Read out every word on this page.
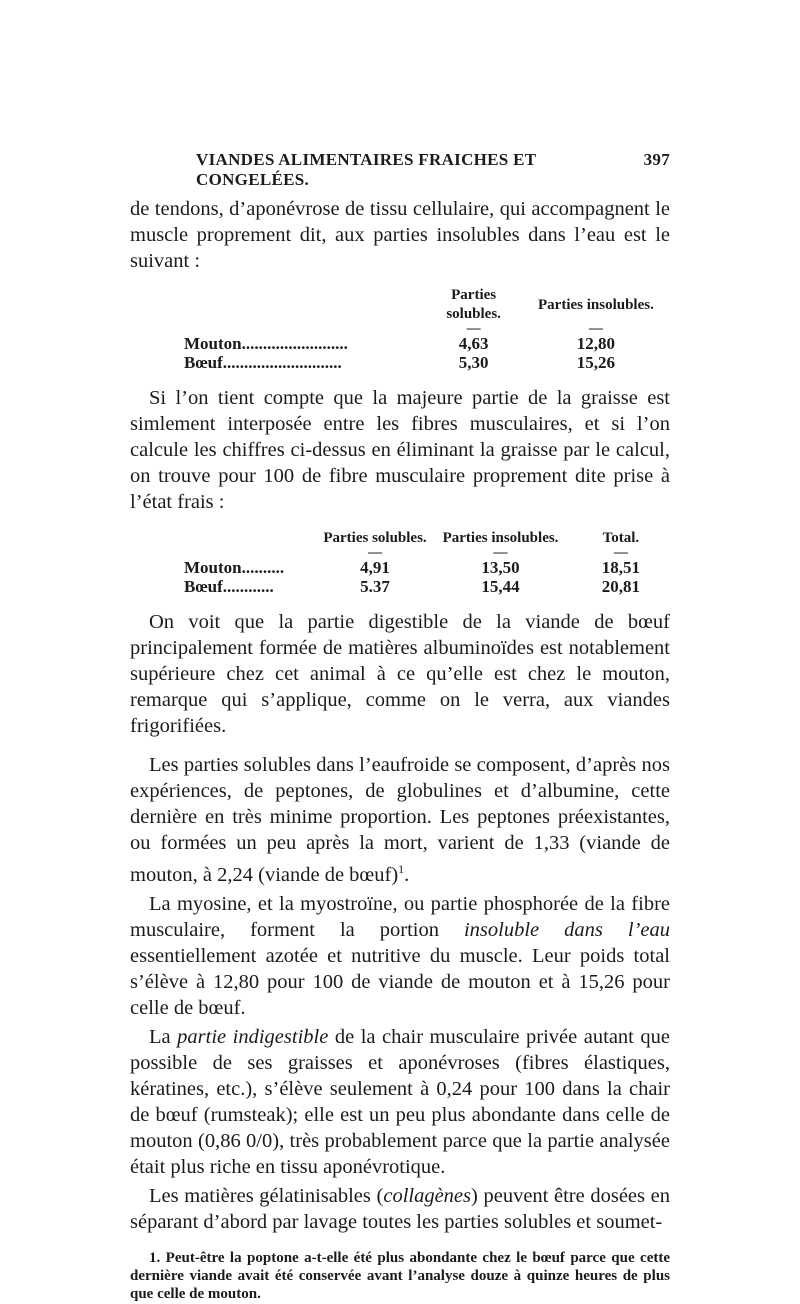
VIANDES ALIMENTAIRES FRAICHES ET CONGELÉES.
397

de tendons, d’aponévrose de tissu cellulaire, qui accompagnent le muscle proprement dit, aux parties insolubles dans l’eau est le suivant :

	Parties solubles.	Parties insolubles.
	—	—
Mouton.........................	4,63	12,80
Bœuf............................	5,30	15,26

Si l’on tient compte que la majeure partie de la graisse est simlement interposée entre les fibres musculaires, et si l’on calcule les chiffres ci-dessus en éliminant la graisse par le calcul, on trouve pour 100 de fibre musculaire proprement dite prise à l’état frais :

	Parties solubles.	Parties insolubles.	Total.
	—	—	—
Mouton..........	4,91	13,50	18,51
Bœuf............	5.37	15,44	20,81

On voit que la partie digestible de la viande de bœuf principalement formée de matières albuminoïdes est notablement supérieure chez cet animal à ce qu’elle est chez le mouton, remarque qui s’applique, comme on le verra, aux viandes frigorifiées.

Les parties solubles dans l’eaufroide se composent, d’après nos expériences, de peptones, de globulines et d’albumine, cette dernière en très minime proportion. Les peptones préexistantes, ou formées un peu après la mort, varient de 1,33 (viande de mouton, à 2,24 (viande de bœuf)$^1$.

La myosine, et la myostroïne, ou partie phosphorée de la fibre musculaire, forment la portion insoluble dans l’eau essentiellement azotée et nutritive du muscle. Leur poids total s’élève à 12,80 pour 100 de viande de mouton et à 15,26 pour celle de bœuf.

La partie indigestible de la chair musculaire privée autant que possible de ses graisses et aponévroses (fibres élastiques, kératines, etc.), s’élève seulement à 0,24 pour 100 dans la chair de bœuf (rumsteak); elle est un peu plus abondante dans celle de mouton (0,86 0/0), très probablement parce que la partie analysée était plus riche en tissu aponévrotique.

Les matières gélatinisables (collagènes) peuvent être dosées en séparant d’abord par lavage toutes les parties solubles et soumet-

1. Peut-être la poptone a-t-elle été plus abondante chez le bœuf parce que cette dernière viande avait été conservée avant l’analyse douze à quinze heures de plus que celle de mouton.
